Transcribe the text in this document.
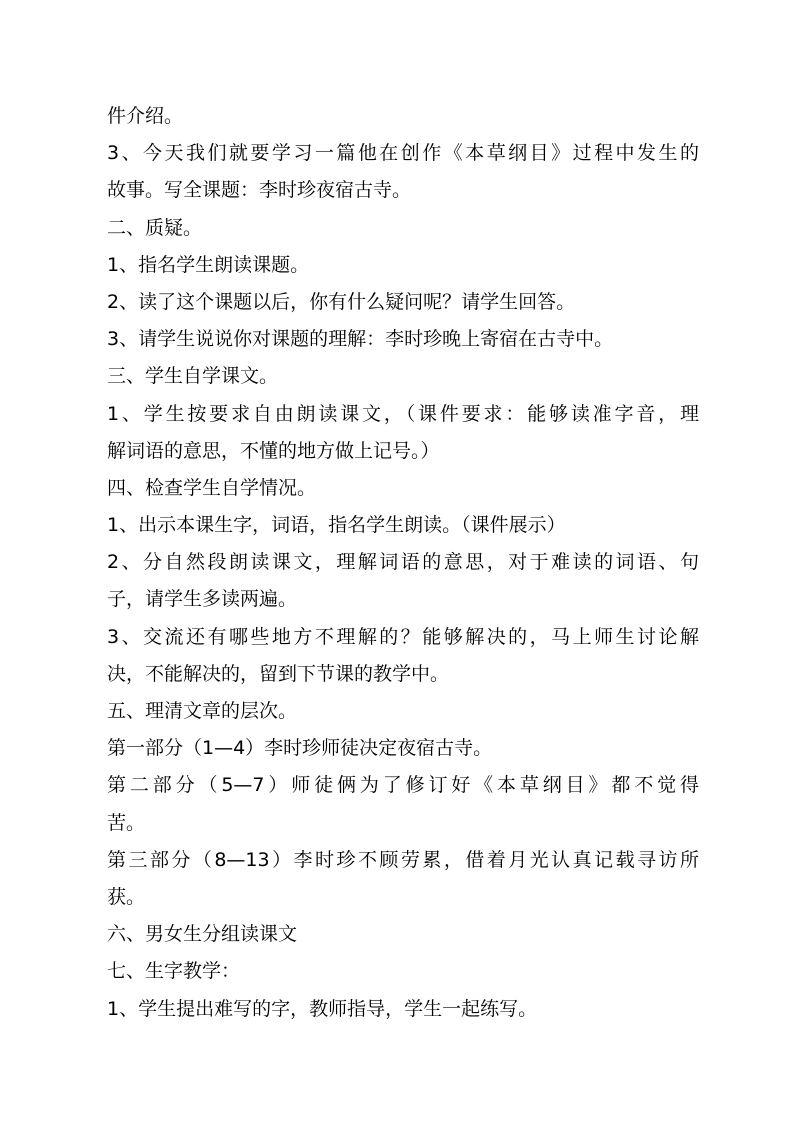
件介绍。
3、今天我们就要学习一篇他在创作《本草纲目》过程中发生的
故事。写全课题：李时珍夜宿古寺。
二、质疑。
1、指名学生朗读课题。
2、读了这个课题以后，你有什么疑问呢？请学生回答。
3、请学生说说你对课题的理解：李时珍晚上寄宿在古寺中。
三、学生自学课文。
1、学生按要求自由朗读课文，（课件要求：能够读准字音，理
解词语的意思，不懂的地方做上记号。）
四、检查学生自学情况。
1、出示本课生字，词语，指名学生朗读。（课件展示）
2、分自然段朗读课文，理解词语的意思，对于难读的词语、句
子，请学生多读两遍。
3、交流还有哪些地方不理解的？能够解决的，马上师生讨论解
决，不能解决的，留到下节课的教学中。
五、理清文章的层次。
第一部分（1—4）李时珍师徒决定夜宿古寺。
第二部分（5—7）师徒俩为了修订好《本草纲目》都不觉得
苦。
第三部分（8—13）李时珍不顾劳累，借着月光认真记载寻访所
获。
六、男女生分组读课文
七、生字教学：
1、学生提出难写的字，教师指导，学生一起练写。
